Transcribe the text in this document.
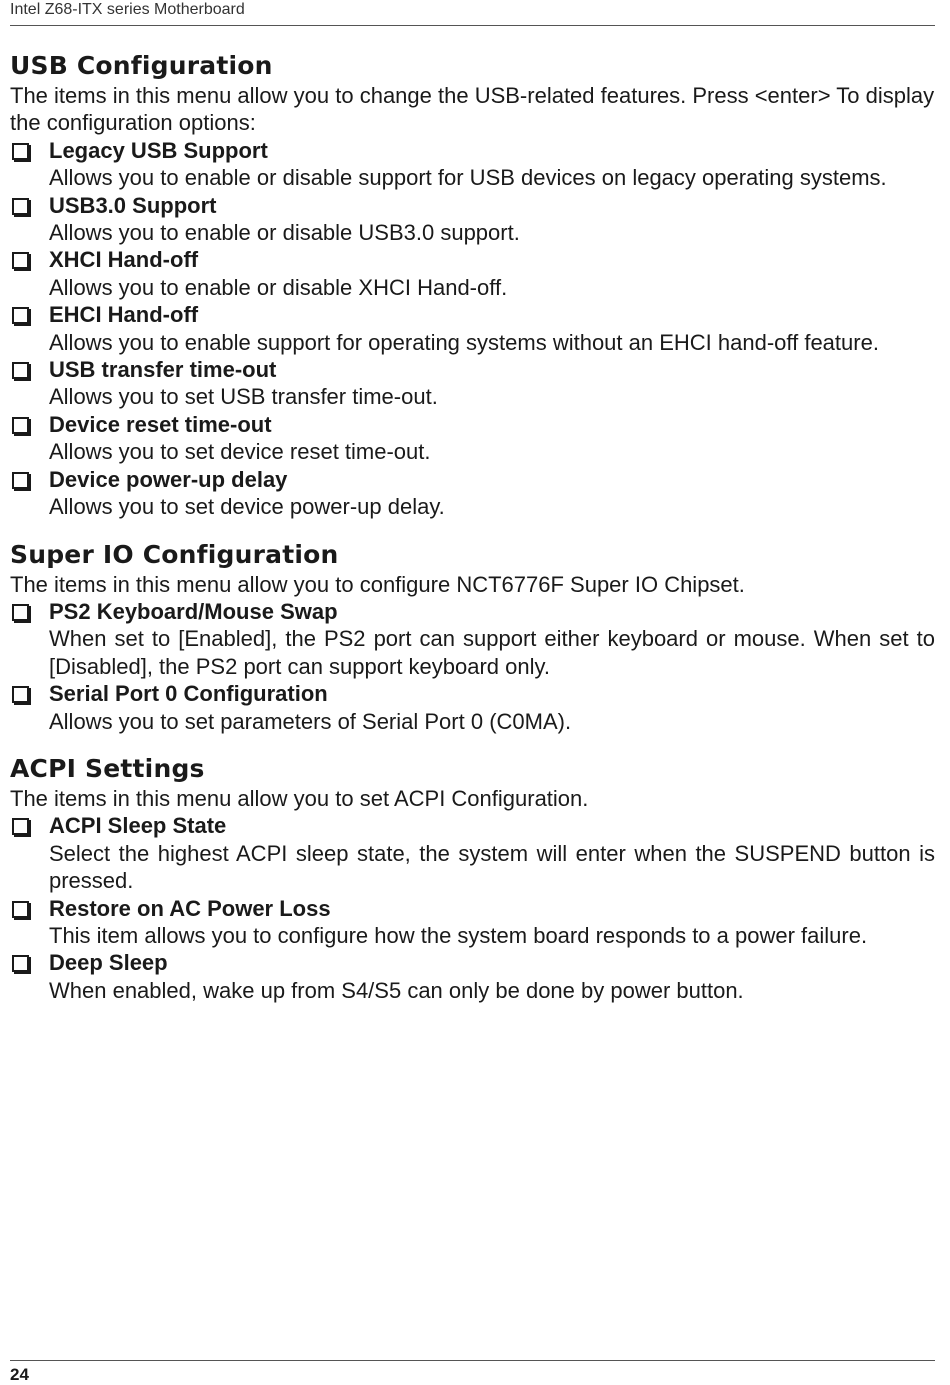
Intel Z68-ITX series Motherboard
USB Configuration

The items in this menu allow you to change the USB-related features. Press <enter> To display the configuration options:

Legacy USB Support

Allows you to enable or disable support for USB devices on legacy operating systems.

USB3.0 Support

Allows you to enable or disable USB3.0 support.

XHCI Hand-off

Allows you to enable or disable XHCI Hand-off.

EHCI Hand-off

Allows you to enable support for operating systems without an EHCI hand-off feature.

USB transfer time-out

Allows you to set USB transfer time-out.

Device reset time-out

Allows you to set device reset time-out.

Device power-up delay

Allows you to set device power-up delay.

Super IO Configuration

The items in this menu allow you to configure NCT6776F Super IO Chipset.

PS2 Keyboard/Mouse Swap

When set to [Enabled], the PS2 port can support either keyboard or mouse. When set to [Disabled], the PS2 port can support keyboard only.

Serial Port 0 Configuration

Allows you to set parameters of Serial Port 0 (C0MA).

ACPI Settings

The items in this menu allow you to set ACPI Configuration.

ACPI Sleep State

Select the highest ACPI sleep state, the system will enter when the SUSPEND button is pressed.

Restore on AC Power Loss

This item allows you to configure how the system board responds to a power failure.

Deep Sleep

When enabled, wake up from S4/S5 can only be done by power button.

24
